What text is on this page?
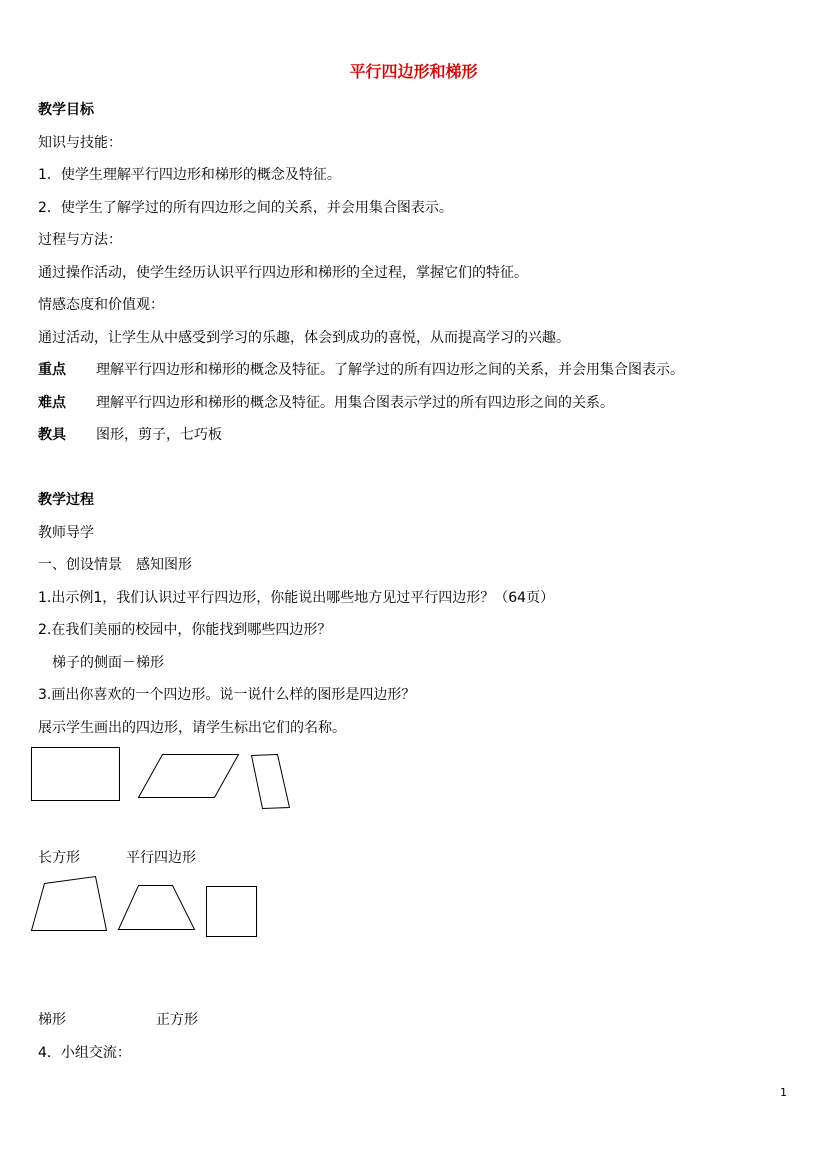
平行四边形和梯形
教学目标
知识与技能：
1．使学生理解平行四边形和梯形的概念及特征。
2．使学生了解学过的所有四边形之间的关系，并会用集合图表示。
过程与方法：
通过操作活动，使学生经历认识平行四边形和梯形的全过程，掌握它们的特征。
情感态度和价值观：
通过活动，让学生从中感受到学习的乐趣，体会到成功的喜悦，从而提高学习的兴趣。
重点 理解平行四边形和梯形的概念及特征。了解学过的所有四边形之间的关系，并会用集合图表示。
难点 理解平行四边形和梯形的概念及特征。用集合图表示学过的所有四边形之间的关系。
教具 图形，剪子，七巧板
教学过程
教师导学
一、创设情景　感知图形
1.出示例1，我们认识过平行四边形，你能说出哪些地方见过平行四边形？（64页）
2.在我们美丽的校园中，你能找到哪些四边形？
梯子的侧面－梯形
3.画出你喜欢的一个四边形。说一说什么样的图形是四边形？
展示学生画出的四边形，请学生标出它们的名称。
长方形	平行四边形
梯形	正方形
4．小组交流：
1
